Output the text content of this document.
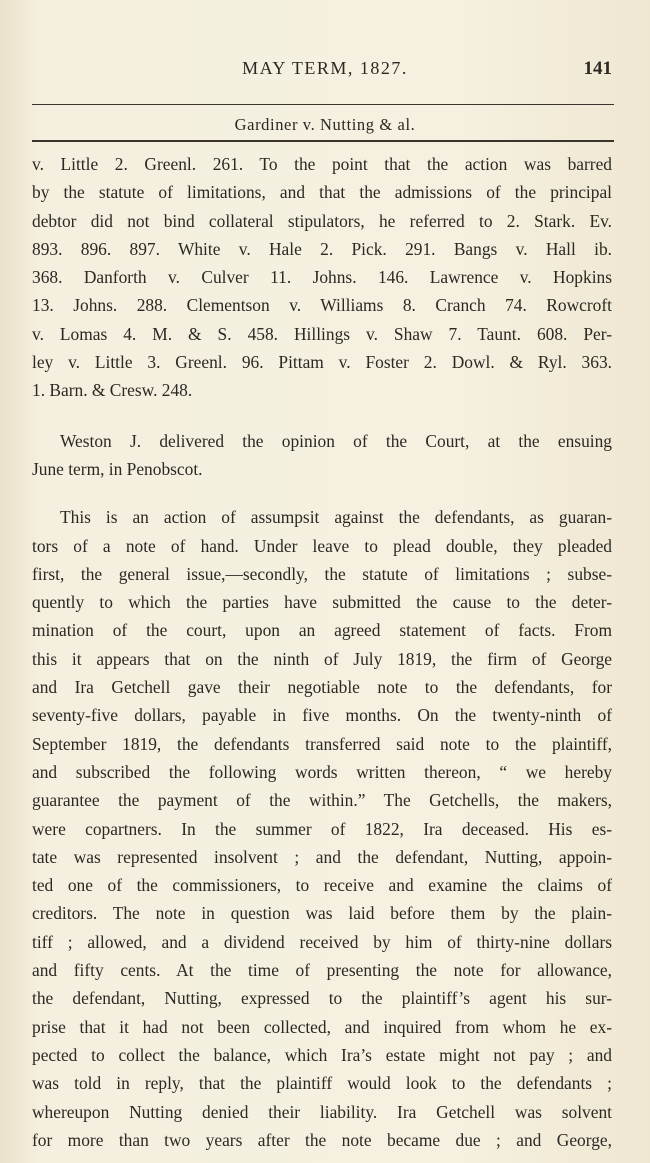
MAY TERM, 1827.	141
Gardiner v. Nutting & al.
v. Little 2. Greenl. 261. To the point that the action was barred
by the statute of limitations, and that the admissions of the principal
debtor did not bind collateral stipulators, he referred to 2. Stark. Ev.
893. 896. 897. White v. Hale 2. Pick. 291. Bangs v. Hall ib.
368. Danforth v. Culver 11. Johns. 146. Lawrence v. Hopkins
13. Johns. 288. Clementson v. Williams 8. Cranch 74. Rowcroft
v. Lomas 4. M. & S. 458. Hillings v. Shaw 7. Taunt. 608. Per-
ley v. Little 3. Greenl. 96. Pittam v. Foster 2. Dowl. & Ryl. 363.
1. Barn. & Cresw. 248.
Weston J. delivered the opinion of the Court, at the ensuing
June term, in Penobscot.
This is an action of assumpsit against the defendants, as guaran-
tors of a note of hand. Under leave to plead double, they pleaded
first, the general issue,—secondly, the statute of limitations ; subse-
quently to which the parties have submitted the cause to the deter-
mination of the court, upon an agreed statement of facts. From
this it appears that on the ninth of July 1819, the firm of George
and Ira Getchell gave their negotiable note to the defendants, for
seventy-five dollars, payable in five months. On the twenty-ninth of
September 1819, the defendants transferred said note to the plaintiff,
and subscribed the following words written thereon, “ we hereby
guarantee the payment of the within.” The Getchells, the makers,
were copartners. In the summer of 1822, Ira deceased. His es-
tate was represented insolvent ; and the defendant, Nutting, appoin-
ted one of the commissioners, to receive and examine the claims of
creditors. The note in question was laid before them by the plain-
tiff ; allowed, and a dividend received by him of thirty-nine dollars
and fifty cents. At the time of presenting the note for allowance,
the defendant, Nutting, expressed to the plaintiff’s agent his sur-
prise that it had not been collected, and inquired from whom he ex-
pected to collect the balance, which Ira’s estate might not pay ; and
was told in reply, that the plaintiff would look to the defendants ;
whereupon Nutting denied their liability. Ira Getchell was solvent
for more than two years after the note became due ; and George,
